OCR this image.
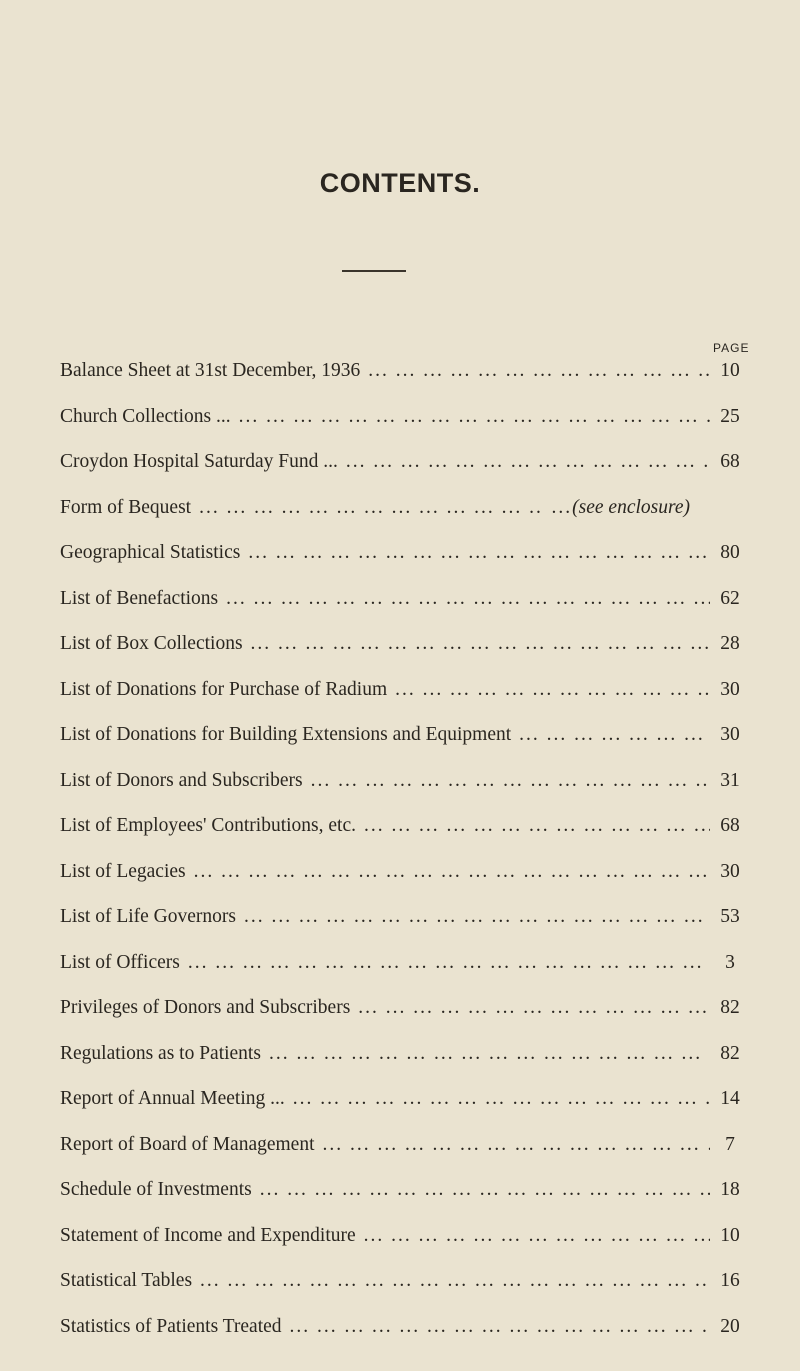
CONTENTS.
PAGE
Balance Sheet at 31st December, 1936 ... .	10
Church Collections ... ... .	25
Croydon Hospital Saturday Fund ... ... .	68
Form of Bequest ... .	...(see enclosure)
Geographical Statistics ... .	80
List of Benefactions ... .	62
List of Box Collections ... .	28
List of Donations for Purchase of Radium ... .	30
List of Donations for Building Extensions and Equipment ... .	30
List of Donors and Subscribers ... .	31
List of Employees' Contributions, etc. ... .	68
List of Legacies ... .	30
List of Life Governors ... .	53
List of Officers ... .	3
Privileges of Donors and Subscribers ... .	82
Regulations as to Patients ... .	82
Report of Annual Meeting ... ... .	14
Report of Board of Management ... .	7
Schedule of Investments ... .	18
Statement of Income and Expenditure ... .	10
Statistical Tables ... .	16
Statistics of Patients Treated ... .	20
